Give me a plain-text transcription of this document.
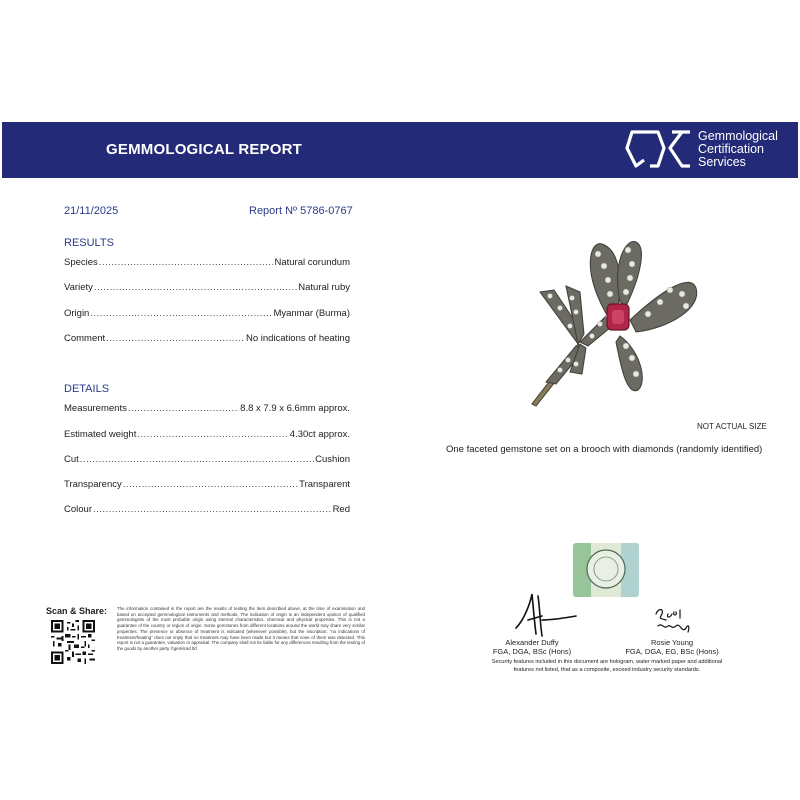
GEMMOLOGICAL REPORT
Gemmological
Certification
Services
21/11/2025	Report Nº 5786-0767
RESULTS
Species .....	Natural corundum
Variety .....	Natural ruby
Origin .....	Myanmar (Burma)
Comment .....	No indications of heating
DETAILS
Measurements .....	8.8 x 7.9 x 6.6mm approx.
Estimated weight .....	4.30ct approx.
Cut .....	Cushion
Transparency .....	Transparent
Colour .....	Red
NOT ACTUAL SIZE
One faceted gemstone set on a brooch with diamonds (randomly identified)
Scan & Share: The information contained in the report are the results of testing the item described above, at the time of examination and based on accepted gemmological instruments and methods. The indication of origin is an independent opinion of qualified gemmologists of the most probable origin using internal characteristics, chemical and physical properties. This is not a guarantee of the country or region of origin. Some gemstones from different locations around the world may share very similar properties. The presence or absence of treatment is indicated (whenever possible), but the inscription: "no indications of treatment/heating" does not imply that no treatment may have been made but it means that none of them was detected. This report is not a guarantee, valuation or appraisal. The company shall not be liable for any differences resulting from the testing of the goods by another party ©gemsrad ltd
Alexander Duffy
FGA, DGA, BSc (Hons)
Rosie Young
FGA, DGA, EG, BSc (Hons)
Security features included in this document are hologram, water marked paper and additional features not listed, that as a composite, exceed industry security standards.
